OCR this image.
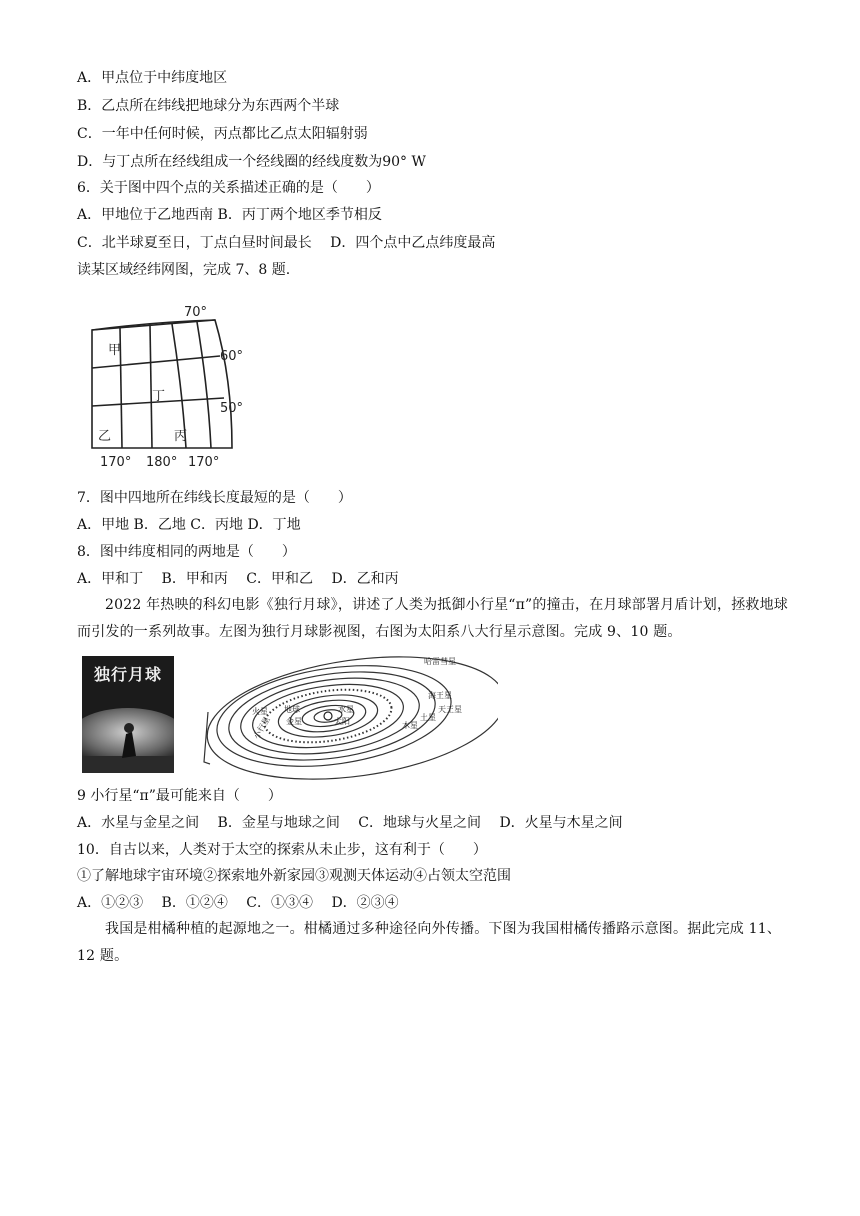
A．甲点位于中纬度地区
B．乙点所在纬线把地球分为东西两个半球
C．一年中任何时候，丙点都比乙点太阳辐射弱
D．与丁点所在经线组成一个经线圈的经线度数为90° W
6．关于图中四个点的关系描述正确的是（　　）
A．甲地位于乙地西南 B．丙丁两个地区季节相反
C．北半球夏至日，丁点白昼时间最长　 D．四个点中乙点纬度最高
读某区域经纬网图，完成 7、8 题.
70°
60°
50°
170° 180° 170°
甲
乙	丙
丁
7．图中四地所在纬线长度最短的是（　　）
A．甲地 B．乙地 C．丙地 D．丁地
8．图中纬度相同的两地是（　　）
A．甲和丁　 B．甲和丙　 C．甲和乙　 D．乙和丙
2022 年热映的科幻电影《独行月球》，讲述了人类为抵御小行星“π”的撞击，在月球部署月盾计划，拯救地球而引发的一系列故事。左图为独行月球影视图，右图为太阳系八大行星示意图。完成 9、10 题。
独行月球
哈雷彗星
海王星
天王星
土星
木星
火星 地球
金星
水星
太阳
小行星
9 小行星“π”最可能来自（　　）
A．水星与金星之间　 B．金星与地球之间　 C．地球与火星之间　 D．火星与木星之间
10．自古以来，人类对于太空的探索从未止步，这有利于（　　）
①了解地球宇宙环境②探索地外新家园③观测天体运动④占领太空范围
A．①②③　 B．①②④　 C．①③④　 D．②③④
我国是柑橘种植的起源地之一。柑橘通过多种途径向外传播。下图为我国柑橘传播路示意图。据此完成 11、12 题。
